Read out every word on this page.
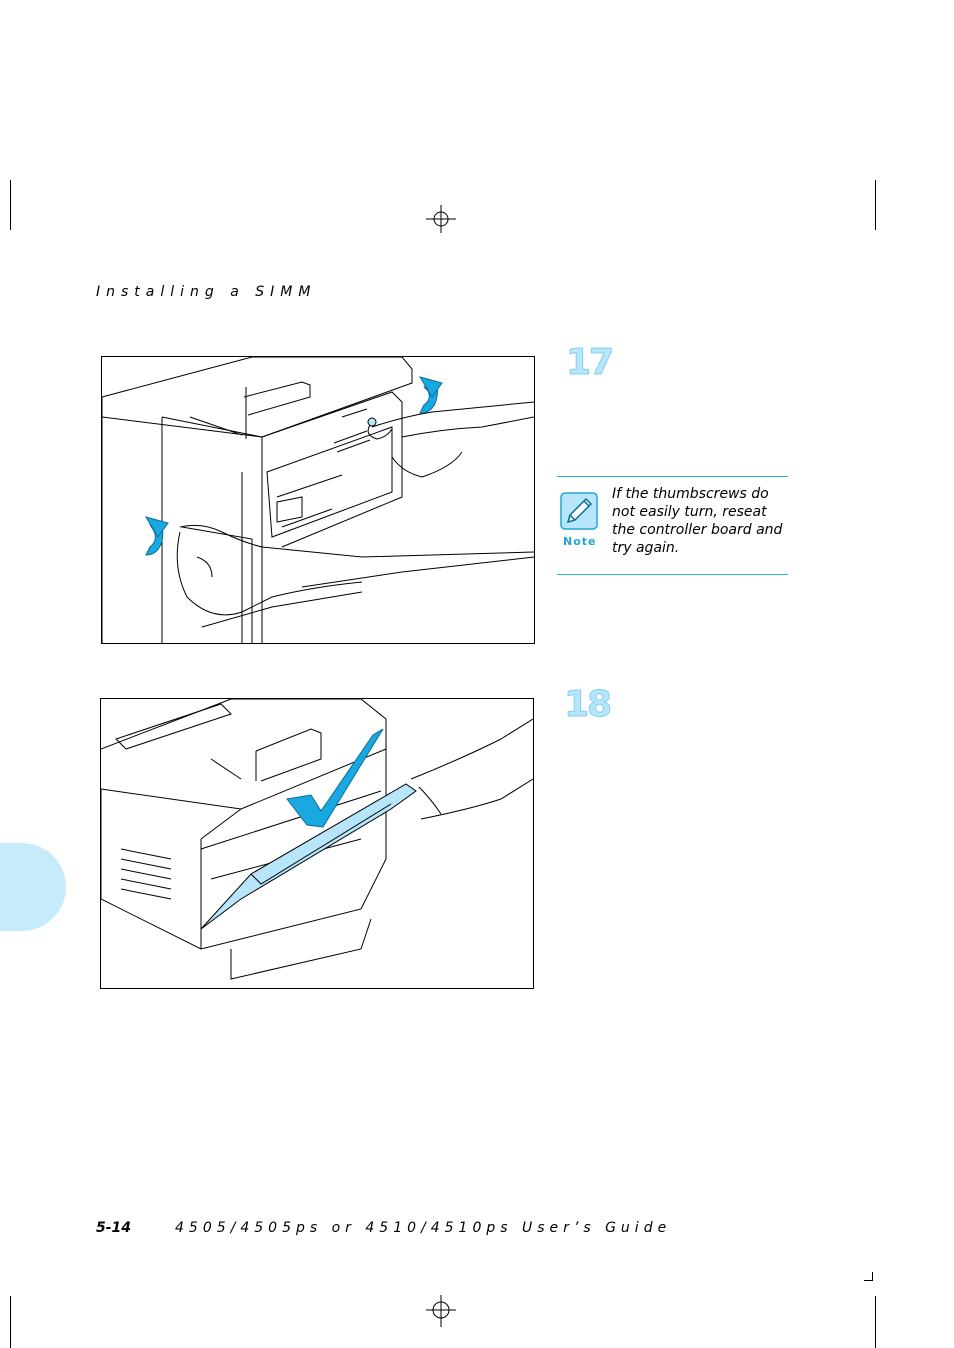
Installing a SIMM
17
Note
If the thumbscrews do not easily turn, reseat the controller board and try again.
18
5-14	4505/4505ps or 4510/4510ps User’s Guide
